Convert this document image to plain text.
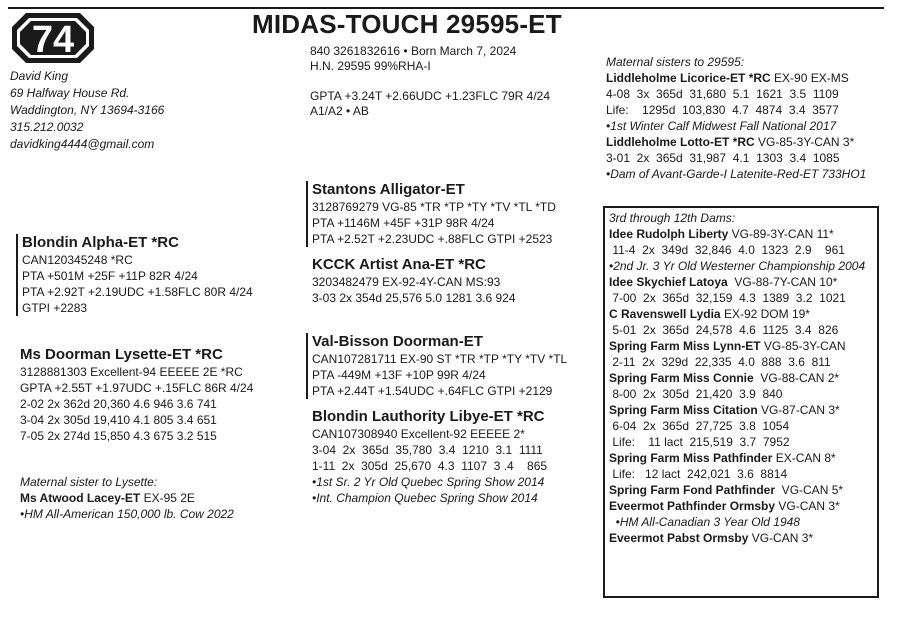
74	MIDAS-TOUCH 29595-ET
David King
69 Halfway House Rd.
Waddington, NY 13694-3166
315.212.0032
davidking4444@gmail.com
840 3261832616 • Born March 7, 2024
H.N. 29595 99%RHA-I
GPTA +3.24T +2.66UDC +1.23FLC 79R 4/24
A1/A2 • AB
Stantons Alligator-ET
3128769279 VG-85 *TR *TP *TY *TV *TL *TD
PTA +1146M +45F +31P 98R 4/24
PTA +2.52T +2.23UDC +.88FLC GTPI +2523
KCCK Artist Ana-ET *RC
3203482479 EX-92-4Y-CAN MS:93
3-03 2x 354d 25,576 5.0 1281 3.6 924
Blondin Alpha-ET *RC
CAN120345248 *RC
PTA +501M +25F +11P 82R 4/24
PTA +2.92T +2.19UDC +1.58FLC 80R 4/24
GTPI +2283
Ms Doorman Lysette-ET *RC
3128881303 Excellent-94 EEEEE 2E *RC
GPTA +2.55T +1.97UDC +.15FLC 86R 4/24
2-02 2x 362d 20,360 4.6 946 3.6 741
3-04 2x 305d 19,410 4.1 805 3.4 651
7-05 2x 274d 15,850 4.3 675 3.2 515
Maternal sister to Lysette:
Ms Atwood Lacey-ET EX-95 2E
•HM All-American 150,000 lb. Cow 2022
Val-Bisson Doorman-ET
CAN107281711 EX-90 ST *TR *TP *TY *TV *TL
PTA -449M +13F +10P 99R 4/24
PTA +2.44T +1.54UDC +.64FLC GTPI +2129
Blondin Lauthority Libye-ET *RC
CAN107308940 Excellent-92 EEEEE 2*
3-04  2x  365d  35,780  3.4  1210  3.1  1111
1-11  2x  305d  25,670  4.3  1107  3 .4    865
•1st Sr. 2 Yr Old Quebec Spring Show 2014
•Int. Champion Quebec Spring Show 2014
Maternal sisters to 29595:
Liddleholme Licorice-ET *RC EX-90 EX-MS
4-08  3x  365d  31,680  5.1  1621  3.5  1109
Life:    1295d  103,830  4.7  4874  3.4  3577
•1st Winter Calf Midwest Fall National 2017
Liddleholme Lotto-ET *RC VG-85-3Y-CAN 3*
3-01  2x  365d  31,987  4.1  1303  3.4  1085
•Dam of Avant-Garde-I Latenite-Red-ET 733HO1
3rd through 12th Dams:
Idee Rudolph Liberty VG-89-3Y-CAN 11*
11-4  2x  349d  32,846  4.0  1323  2.9    961
•2nd Jr. 3 Yr Old Westerner Championship 2004
Idee Skychief Latoya  VG-88-7Y-CAN 10*
7-00  2x  365d  32,159  4.3  1389  3.2  1021
C Ravenswell Lydia EX-92 DOM 19*
5-01  2x  365d  24,578  4.6  1125  3.4  826
Spring Farm Miss Lynn-ET VG-85-3Y-CAN
2-11  2x  329d  22,335  4.0  888  3.6  811
Spring Farm Miss Connie  VG-88-CAN 2*
8-00  2x  305d  21,420  3.9  840
Spring Farm Miss Citation VG-87-CAN 3*
6-04  2x  365d  27,725  3.8  1054
Life:    11 lact  215,519  3.7  7952
Spring Farm Miss Pathfinder EX-CAN 8*
Life:   12 lact  242,021  3.6  8814
Spring Farm Fond Pathfinder  VG-CAN 5*
Eveermot Pathfinder Ormsby VG-CAN 3*
•HM All-Canadian 3 Year Old 1948
Eveermot Pabst Ormsby VG-CAN 3*
